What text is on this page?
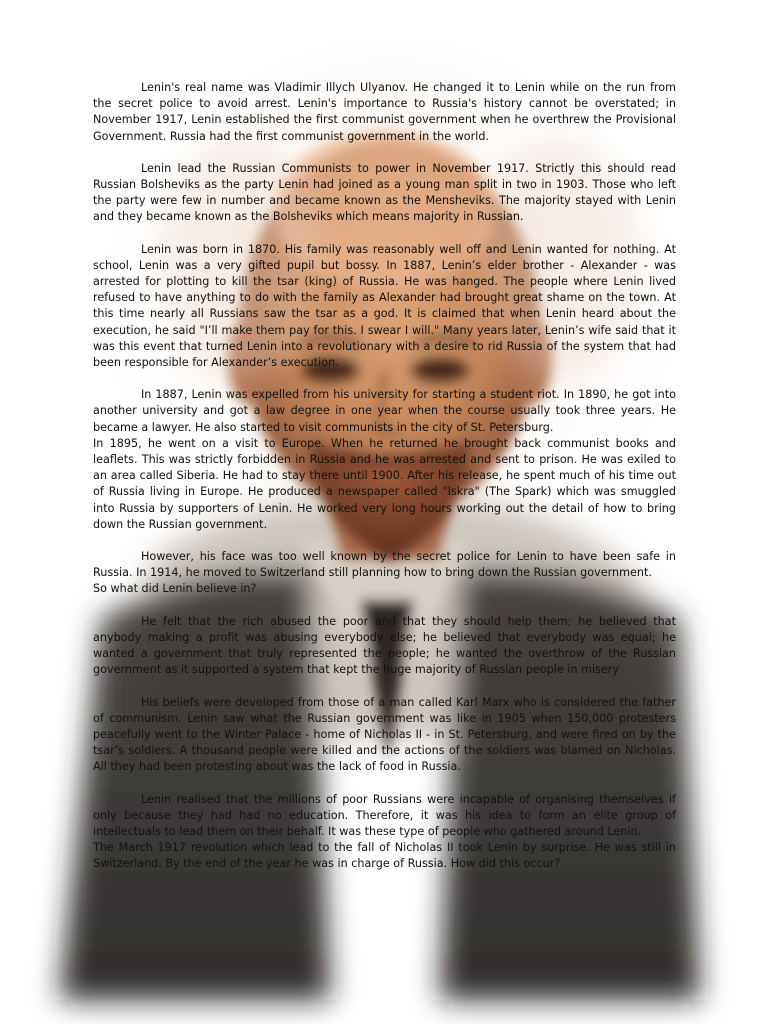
Lenin's real name was Vladimir Illych Ulyanov. He changed it to Lenin while on the run from the secret police to avoid arrest. Lenin's importance to Russia's history cannot be overstated; in November 1917, Lenin established the first communist government when he overthrew the Provisional Government. Russia had the first communist government in the world.

Lenin lead the Russian Communists to power in November 1917. Strictly this should read Russian Bolsheviks as the party Lenin had joined as a young man split in two in 1903. Those who left the party were few in number and became known as the Mensheviks. The majority stayed with Lenin and they became known as the Bolsheviks which means majority in Russian.

Lenin was born in 1870. His family was reasonably well off and Lenin wanted for nothing. At school, Lenin was a very gifted pupil but bossy. In 1887, Lenin’s elder brother - Alexander - was arrested for plotting to kill the tsar (king) of Russia. He was hanged. The people where Lenin lived refused to have anything to do with the family as Alexander had brought great shame on the town. At this time nearly all Russians saw the tsar as a god. It is claimed that when Lenin heard about the execution, he said "I’ll make them pay for this. I swear I will." Many years later, Lenin’s wife said that it was this event that turned Lenin into a revolutionary with a desire to rid Russia of the system that had been responsible for Alexander’s execution.

In 1887, Lenin was expelled from his university for starting a student riot. In 1890, he got into another university and got a law degree in one year when the course usually took three years. He became a lawyer. He also started to visit communists in the city of St. Petersburg.

In 1895, he went on a visit to Europe. When he returned he brought back communist books and leaflets. This was strictly forbidden in Russia and he was arrested and sent to prison. He was exiled to an area called Siberia. He had to stay there until 1900. After his release, he spent much of his time out of Russia living in Europe. He produced a newspaper called "Iskra" (The Spark) which was smuggled into Russia by supporters of Lenin. He worked very long hours working out the detail of how to bring down the Russian government.

However, his face was too well known by the secret police for Lenin to have been safe in Russia. In 1914, he moved to Switzerland still planning how to bring down the Russian government.

So what did Lenin believe in?

He felt that the rich abused the poor and that they should help them; he believed that anybody making a profit was abusing everybody else; he believed that everybody was equal; he wanted a government that truly represented the people; he wanted the overthrow of the Russian government as it supported a system that kept the huge majority of Russian people in misery

His beliefs were developed from those of a man called Karl Marx who is considered the father of communism. Lenin saw what the Russian government was like in 1905 when 150,000 protesters peacefully went to the Winter Palace - home of Nicholas II - in St. Petersburg, and were fired on by the tsar’s soldiers. A thousand people were killed and the actions of the soldiers was blamed on Nicholas. All they had been protesting about was the lack of food in Russia.

Lenin realised that the millions of poor Russians were incapable of organising themselves if only because they had had no education. Therefore, it was his idea to form an elite group of intellectuals to lead them on their behalf. It was these type of people who gathered around Lenin.

The March 1917 revolution which lead to the fall of Nicholas II took Lenin by surprise. He was still in Switzerland. By the end of the year he was in charge of Russia. How did this occur?
